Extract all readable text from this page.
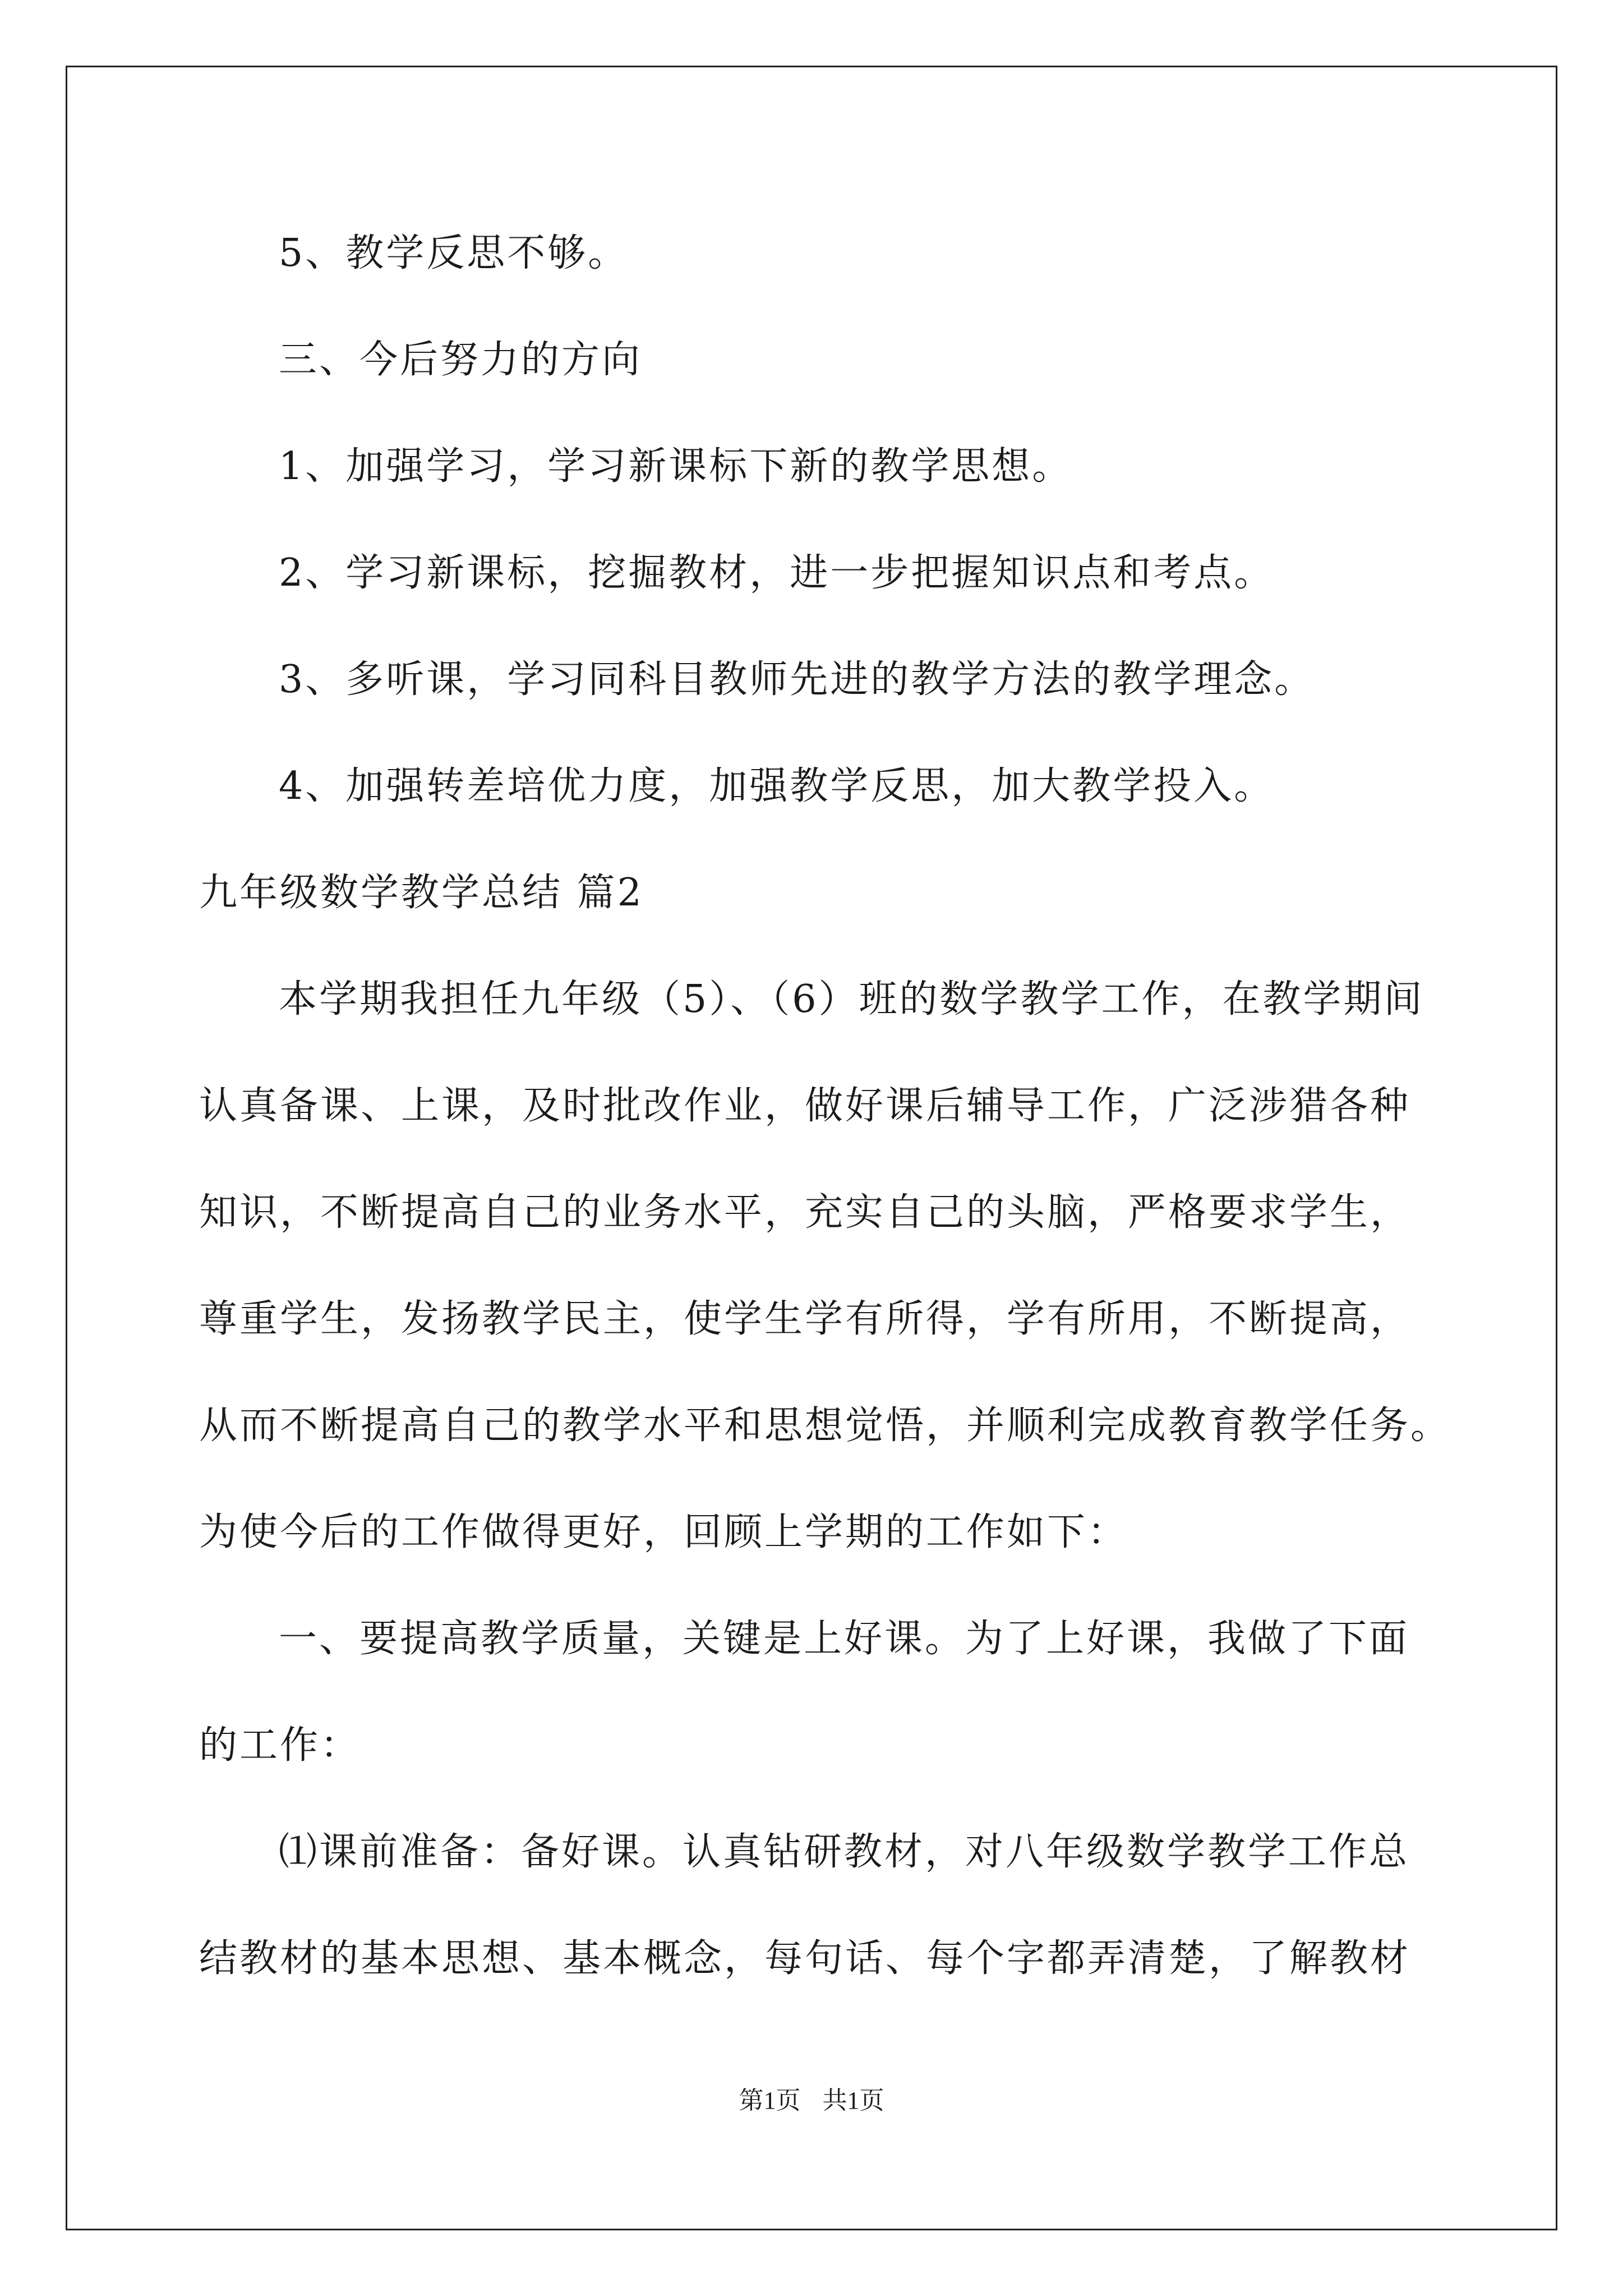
5、教学反思不够。
三、今后努力的方向
1、加强学习，学习新课标下新的教学思想。
2、学习新课标，挖掘教材，进一步把握知识点和考点。
3、多听课，学习同科目教师先进的教学方法的教学理念。
4、加强转差培优力度，加强教学反思，加大教学投入。
九年级数学教学总结 篇2
本学期我担任九年级（5）、（6）班的数学教学工作，在教学期间
认真备课、上课，及时批改作业，做好课后辅导工作，广泛涉猎各种
知识，不断提高自己的业务水平，充实自己的头脑，严格要求学生，
尊重学生，发扬教学民主，使学生学有所得，学有所用，不断提高，
从而不断提高自己的教学水平和思想觉悟，并顺利完成教育教学任务。
为使今后的工作做得更好，回顾上学期的工作如下：
一、要提高教学质量，关键是上好课。为了上好课，我做了下面
的工作：
⑴课前准备：备好课。认真钻研教材，对八年级数学教学工作总
结教材的基本思想、基本概念，每句话、每个字都弄清楚，了解教材
第1页 共1页
